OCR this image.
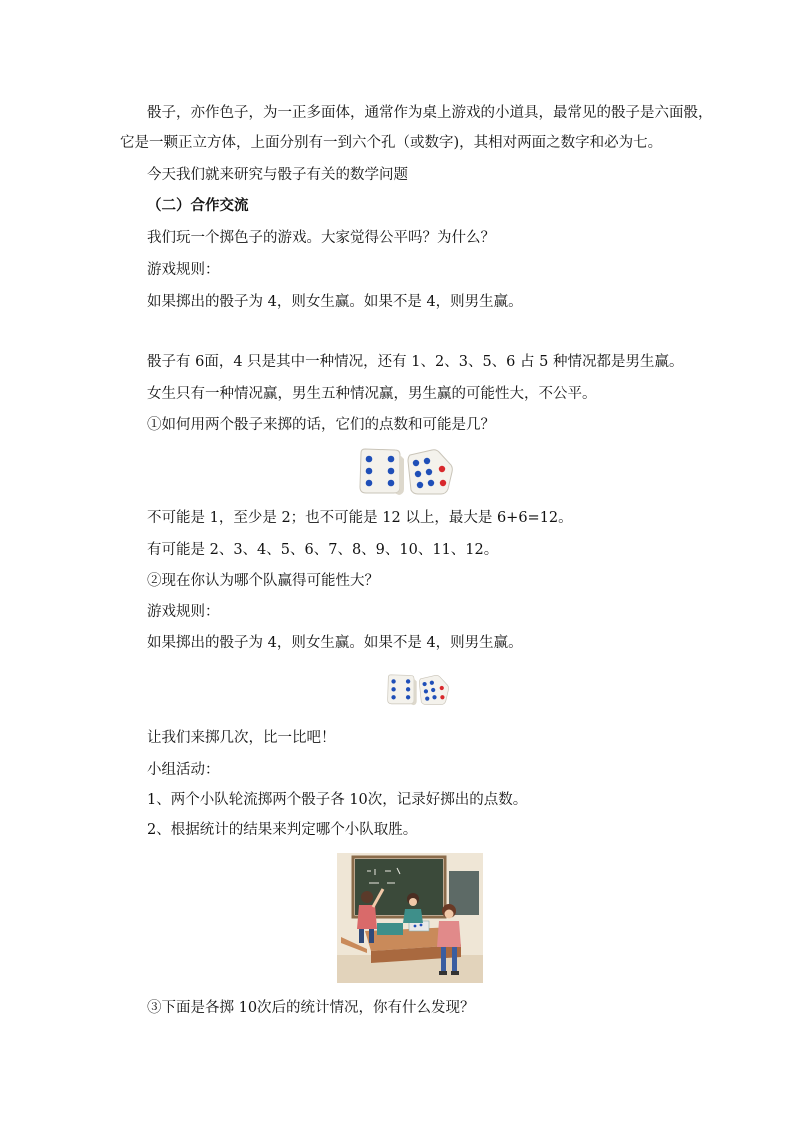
骰子，亦作色子，为一正多面体，通常作为桌上游戏的小道具，最常见的骰子是六面骰，
它是一颗正立方体，上面分别有一到六个孔（或数字)，其相对两面之数字和必为七。
今天我们就来研究与骰子有关的数学问题
（二）合作交流
我们玩一个掷色子的游戏。大家觉得公平吗？为什么？
游戏规则：
如果掷出的骰子为 4，则女生赢。如果不是 4，则男生赢。
骰子有 6面，4 只是其中一种情况，还有 1、2、3、5、6 占 5 种情况都是男生赢。
女生只有一种情况赢，男生五种情况赢，男生赢的可能性大，不公平。
①如何用两个骰子来掷的话，它们的点数和可能是几？
不可能是 1，至少是 2；也不可能是 12 以上，最大是 6+6=12。
有可能是 2、3、4、5、6、7、8、9、10、11、12。
②现在你认为哪个队赢得可能性大？
游戏规则：
如果掷出的骰子为 4，则女生赢。如果不是 4，则男生赢。
让我们来掷几次，比一比吧！
小组活动：
1、两个小队轮流掷两个骰子各 10次，记录好掷出的点数。
2、根据统计的结果来判定哪个小队取胜。
③下面是各掷 10次后的统计情况，你有什么发现？
